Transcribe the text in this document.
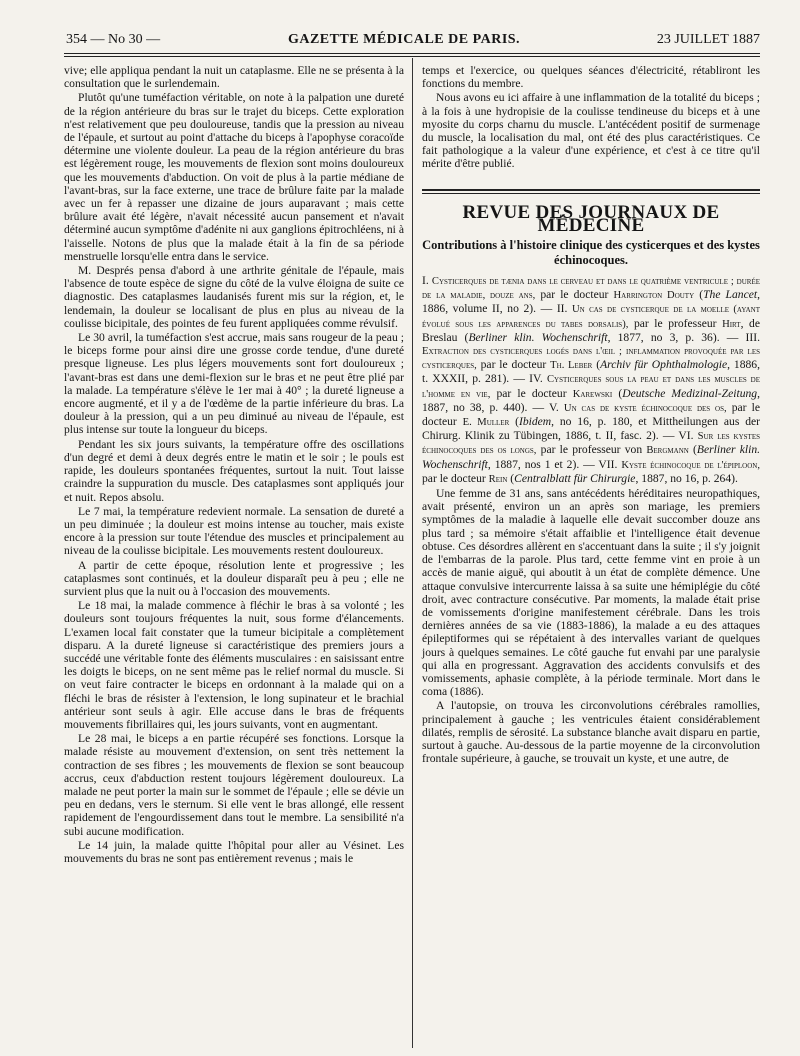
354 — No 30 —	GAZETTE MÉDICALE DE PARIS.	23 JUILLET 1887

vive; elle appliqua pendant la nuit un cataplasme. Elle ne se présenta à la consultation que le surlendemain.

Plutôt qu'une tuméfaction véritable, on note à la palpation une dureté de la région antérieure du bras sur le trajet du biceps. Cette exploration n'est relativement que peu douloureuse, tandis que la pression au niveau de l'épaule, et surtout au point d'attache du biceps à l'apophyse coracoïde détermine une violente douleur. La peau de la région antérieure du bras est légèrement rouge, les mouvements de flexion sont moins douloureux que les mouvements d'abduction. On voit de plus à la partie médiane de l'avant-bras, sur la face externe, une trace de brûlure faite par la malade avec un fer à repasser une dizaine de jours auparavant ; mais cette brûlure avait été légère, n'avait nécessité aucun pansement et n'avait déterminé aucun symptôme d'adénite ni aux ganglions épitrochléens, ni à l'aisselle. Notons de plus que la malade était à la fin de sa période menstruelle lorsqu'elle entra dans le service.

M. Després pensa d'abord à une arthrite génitale de l'épaule, mais l'absence de toute espèce de signe du côté de la vulve éloigna de suite ce diagnostic. Des cataplasmes laudanisés furent mis sur la région, et, le lendemain, la douleur se localisant de plus en plus au niveau de la coulisse bicipitale, des pointes de feu furent appliquées comme révulsif.

Le 30 avril, la tuméfaction s'est accrue, mais sans rougeur de la peau ; le biceps forme pour ainsi dire une grosse corde tendue, d'une dureté presque ligneuse. Les plus légers mouvements sont fort douloureux ; l'avant-bras est dans une demi-flexion sur le bras et ne peut être plié par la malade. La température s'élève le 1er mai à 40° ; la dureté ligneuse a encore augmenté, et il y a de l'œdème de la partie inférieure du bras. La douleur à la pression, qui a un peu diminué au niveau de l'épaule, est plus intense sur toute la longueur du biceps.

Pendant les six jours suivants, la température offre des oscillations d'un degré et demi à deux degrés entre le matin et le soir ; le pouls est rapide, les douleurs spontanées fréquentes, surtout la nuit. Tout laisse craindre la suppuration du muscle. Des cataplasmes sont appliqués jour et nuit. Repos absolu.

Le 7 mai, la température redevient normale. La sensation de dureté a un peu diminuée ; la douleur est moins intense au toucher, mais existe encore à la pression sur toute l'étendue des muscles et principalement au niveau de la coulisse bicipitale. Les mouvements restent douloureux.

A partir de cette époque, résolution lente et progressive ; les cataplasmes sont continués, et la douleur disparaît peu à peu ; elle ne survient plus que la nuit ou à l'occasion des mouvements.

Le 18 mai, la malade commence à fléchir le bras à sa volonté ; les douleurs sont toujours fréquentes la nuit, sous forme d'élancements. L'examen local fait constater que la tumeur bicipitale a complètement disparu. A la dureté ligneuse si caractéristique des premiers jours a succédé une véritable fonte des éléments musculaires : en saisissant entre les doigts le biceps, on ne sent même pas le relief normal du muscle. Si on veut faire contracter le biceps en ordonnant à la malade qui on a fléchi le bras de résister à l'extension, le long supinateur et le brachial antérieur sont seuls à agir. Elle accuse dans le bras de fréquents mouvements fibrillaires qui, les jours suivants, vont en augmentant.

Le 28 mai, le biceps a en partie récupéré ses fonctions. Lorsque la malade résiste au mouvement d'extension, on sent très nettement la contraction de ses fibres ; les mouvements de flexion se sont beaucoup accrus, ceux d'abduction restent toujours légèrement douloureux. La malade ne peut porter la main sur le sommet de l'épaule ; elle se dévie un peu en dedans, vers le sternum. Si elle vent le bras allongé, elle ressent rapidement de l'engourdissement dans tout le membre. La sensibilité n'a subi aucune modification.

Le 14 juin, la malade quitte l'hôpital pour aller au Vésinet. Les mouvements du bras ne sont pas entièrement revenus ; mais le

temps et l'exercice, ou quelques séances d'électricité, rétabliront les fonctions du membre.

Nous avons eu ici affaire à une inflammation de la totalité du biceps ; à la fois à une hydropisie de la coulisse tendineuse du biceps et à une myosite du corps charnu du muscle. L'antécédent positif de surmenage du muscle, la localisation du mal, ont été des plus caractéristiques. Ce fait pathologique a la valeur d'une expérience, et c'est à ce titre qu'il mérite d'être publié.

REVUE DES JOURNAUX DE MÉDECINE
Contributions à l'histoire clinique des cysticerques et des kystes échinocoques.

I. Cysticerques de tænia dans le cerveau et dans le quatrième ventricule ; durée de la maladie, douze ans, par le docteur Harrington Douty (The Lancet, 1886, volume II, no 2). — II. Un cas de cysticerque de la moelle (ayant évolué sous les apparences du tabes dorsalis), par le professeur Hirt, de Breslau (Berliner klin. Wochenschrift, 1877, no 3, p. 36). — III. Extraction des cysticerques logés dans l'œil ; inflammation provoquée par les cysticerques, par le docteur Th. Leber (Archiv für Ophthalmologie, 1886, t. XXXII, p. 281). — IV. Cysticerques sous la peau et dans les muscles de l'homme en vie, par le docteur Karewski (Deutsche Medizinal-Zeitung, 1887, no 38, p. 440). — V. Un cas de kyste échinocoque des os, par le docteur E. Muller (Ibidem, no 16, p. 180, et Mittheilungen aus der Chirurg. Klinik zu Tübingen, 1886, t. II, fasc. 2). — VI. Sur les kystes échinocoques des os longs, par le professeur von Bergmann (Berliner klin. Wochenschrift, 1887, nos 1 et 2). — VII. Kyste échinocoque de l'épiploon, par le docteur Rein (Centralblatt für Chirurgie, 1887, no 16, p. 264).

Une femme de 31 ans, sans antécédents héréditaires neuropathiques, avait présenté, environ un an après son mariage, les premiers symptômes de la maladie à laquelle elle devait succomber douze ans plus tard ; sa mémoire s'était affaiblie et l'intelligence était devenue obtuse. Ces désordres allèrent en s'accentuant dans la suite ; il s'y joignit de l'embarras de la parole. Plus tard, cette femme vint en proie à un accès de manie aiguë, qui aboutit à un état de complète démence. Une attaque convulsive intercurrente laissa à sa suite une hémiplégie du côté droit, avec contracture consécutive. Par moments, la malade était prise de vomissements d'origine manifestement cérébrale. Dans les trois dernières années de sa vie (1883-1886), la malade a eu des attaques épileptiformes qui se répétaient à des intervalles variant de quelques jours à quelques semaines. Le côté gauche fut envahi par une paralysie qui alla en progressant. Aggravation des accidents convulsifs et des vomissements, aphasie complète, à la période terminale. Mort dans le coma (1886).

A l'autopsie, on trouva les circonvolutions cérébrales ramollies, principalement à gauche ; les ventricules étaient considérablement dilatés, remplis de sérosité. La substance blanche avait disparu en partie, surtout à gauche. Au-dessous de la partie moyenne de la circonvolution frontale supérieure, à gauche, se trouvait un kyste, et une autre, de
